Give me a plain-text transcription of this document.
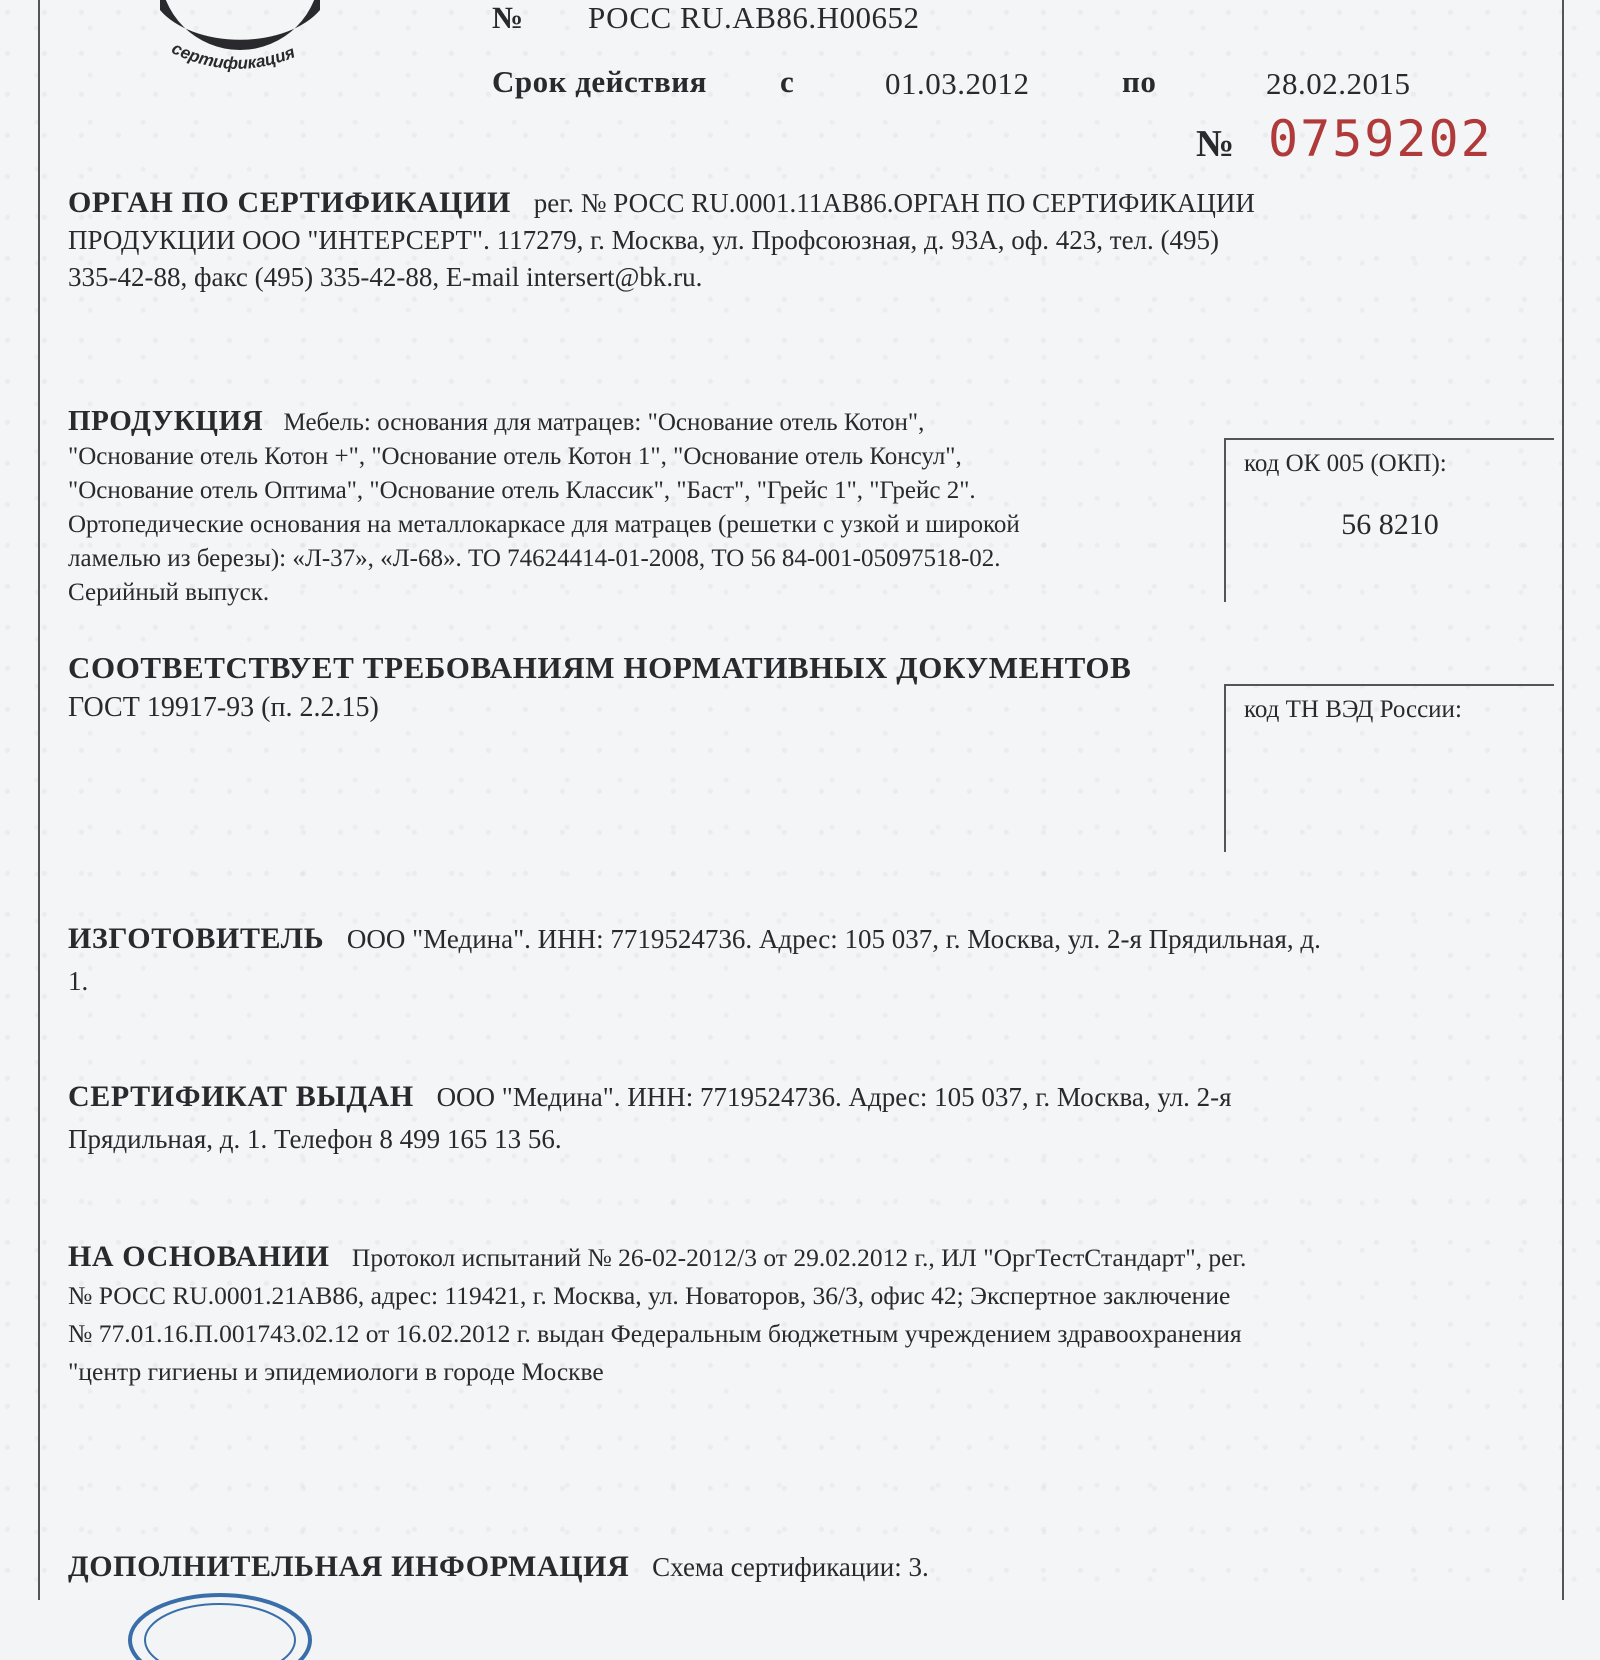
сертификация
№ РОСС RU.АВ86.Н00652
Срок действия с	01.03.2012	по	28.02.2015
№ 0759202
ОРГАН ПО СЕРТИФИКАЦИИ рег. № РОСС RU.0001.11АВ86.ОРГАН ПО СЕРТИФИКАЦИИ
ПРОДУКЦИИ ООО "ИНТЕРСЕРТ". 117279, г. Москва, ул. Профсоюзная, д. 93А, оф. 423, тел. (495)
335-42-88, факс (495) 335-42-88, E-mail intersert@bk.ru.
ПРОДУКЦИЯ Мебель: основания для матрацев: "Основание отель Котон",
"Основание отель Котон +", "Основание отель Котон 1", "Основание отель Консул",
"Основание отель Оптима", "Основание отель Классик", "Баст", "Грейс 1", "Грейс 2".
Ортопедические основания на металлокаркасе для матрацев (решетки с узкой и широкой
ламелью из березы): «Л-37», «Л-68». ТО 74624414-01-2008, ТО 56 84-001-05097518-02.
Серийный выпуск.
код ОК 005 (ОКП):
56 8210
СООТВЕТСТВУЕТ ТРЕБОВАНИЯМ НОРМАТИВНЫХ ДОКУМЕНТОВ
ГОСТ 19917-93 (п. 2.2.15)	код ТН ВЭД России:
ИЗГОТОВИТЕЛЬ ООО "Медина". ИНН: 7719524736. Адрес: 105 037, г. Москва, ул. 2-я Прядильная, д.
1.
СЕРТИФИКАТ ВЫДАН ООО "Медина". ИНН: 7719524736. Адрес: 105 037, г. Москва, ул. 2-я
Прядильная, д. 1. Телефон 8 499 165 13 56.
НА ОСНОВАНИИ Протокол испытаний № 26-02-2012/3 от 29.02.2012 г., ИЛ "ОргТестСтандарт", рег.
№ РОСС RU.0001.21АВ86, адрес: 119421, г. Москва, ул. Новаторов, 36/3, офис 42; Экспертное заключение
№ 77.01.16.П.001743.02.12 от 16.02.2012 г. выдан Федеральным бюджетным учреждением здравоохранения
"центр гигиены и эпидемиологи в городе Москве
ДОПОЛНИТЕЛЬНАЯ ИНФОРМАЦИЯ Схема сертификации: 3.
